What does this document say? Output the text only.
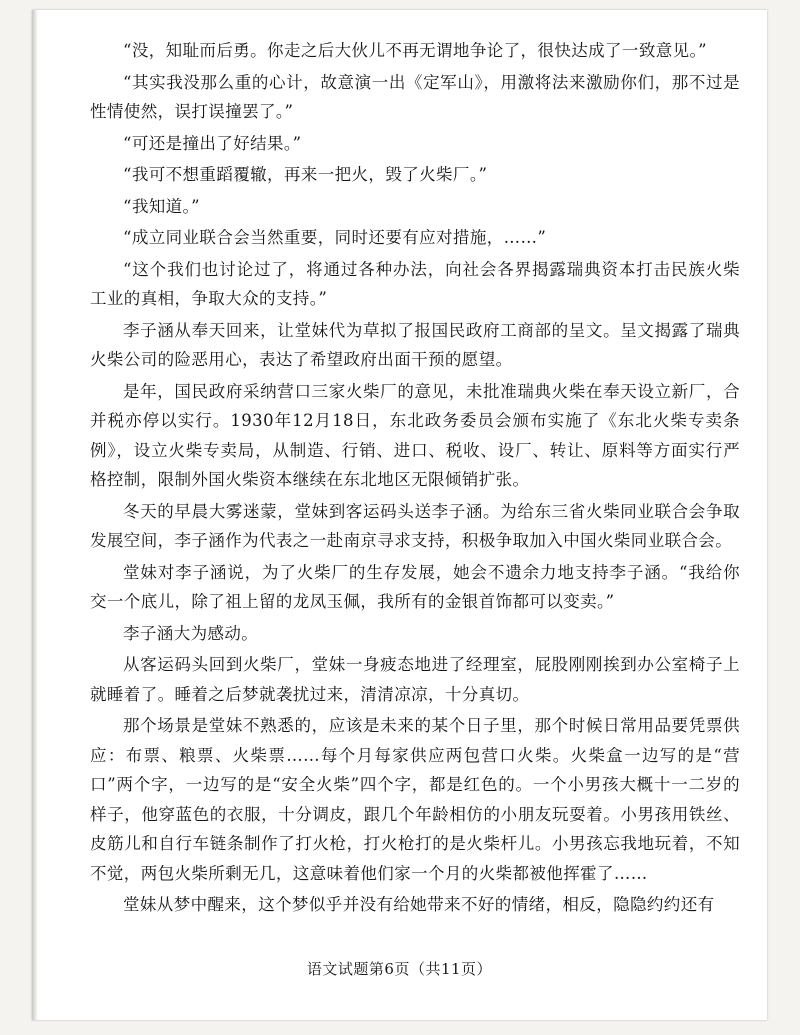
“没，知耻而后勇。你走之后大伙儿不再无谓地争论了，很快达成了一致意见。”

“其实我没那么重的心计，故意演一出《定军山》，用激将法来激励你们，那不过是性情使然，误打误撞罢了。”

“可还是撞出了好结果。”

“我可不想重蹈覆辙，再来一把火，毁了火柴厂。”

“我知道。”

“成立同业联合会当然重要，同时还要有应对措施，……”

“这个我们也讨论过了，将通过各种办法，向社会各界揭露瑞典资本打击民族火柴工业的真相，争取大众的支持。”

李子涵从奉天回来，让堂妹代为草拟了报国民政府工商部的呈文。呈文揭露了瑞典火柴公司的险恶用心，表达了希望政府出面干预的愿望。

是年，国民政府采纳营口三家火柴厂的意见，未批准瑞典火柴在奉天设立新厂，合并税亦停以实行。1930年12月18日，东北政务委员会颁布实施了《东北火柴专卖条例》，设立火柴专卖局，从制造、行销、进口、税收、设厂、转让、原料等方面实行严格控制，限制外国火柴资本继续在东北地区无限倾销扩张。

冬天的早晨大雾迷蒙，堂妹到客运码头送李子涵。为给东三省火柴同业联合会争取发展空间，李子涵作为代表之一赴南京寻求支持，积极争取加入中国火柴同业联合会。

堂妹对李子涵说，为了火柴厂的生存发展，她会不遗余力地支持李子涵。“我给你交一个底儿，除了祖上留的龙凤玉佩，我所有的金银首饰都可以变卖。”

李子涵大为感动。

从客运码头回到火柴厂，堂妹一身疲态地进了经理室，屁股刚刚挨到办公室椅子上就睡着了。睡着之后梦就袭扰过来，清清凉凉，十分真切。

那个场景是堂妹不熟悉的，应该是未来的某个日子里，那个时候日常用品要凭票供应：布票、粮票、火柴票……每个月每家供应两包营口火柴。火柴盒一边写的是“营口”两个字，一边写的是“安全火柴”四个字，都是红色的。一个小男孩大概十一二岁的样子，他穿蓝色的衣服，十分调皮，跟几个年龄相仿的小朋友玩耍着。小男孩用铁丝、皮筋儿和自行车链条制作了打火枪，打火枪打的是火柴杆儿。小男孩忘我地玩着，不知不觉，两包火柴所剩无几，这意味着他们家一个月的火柴都被他挥霍了……

堂妹从梦中醒来，这个梦似乎并没有给她带来不好的情绪，相反，隐隐约约还有

语文试题第6页（共11页）
